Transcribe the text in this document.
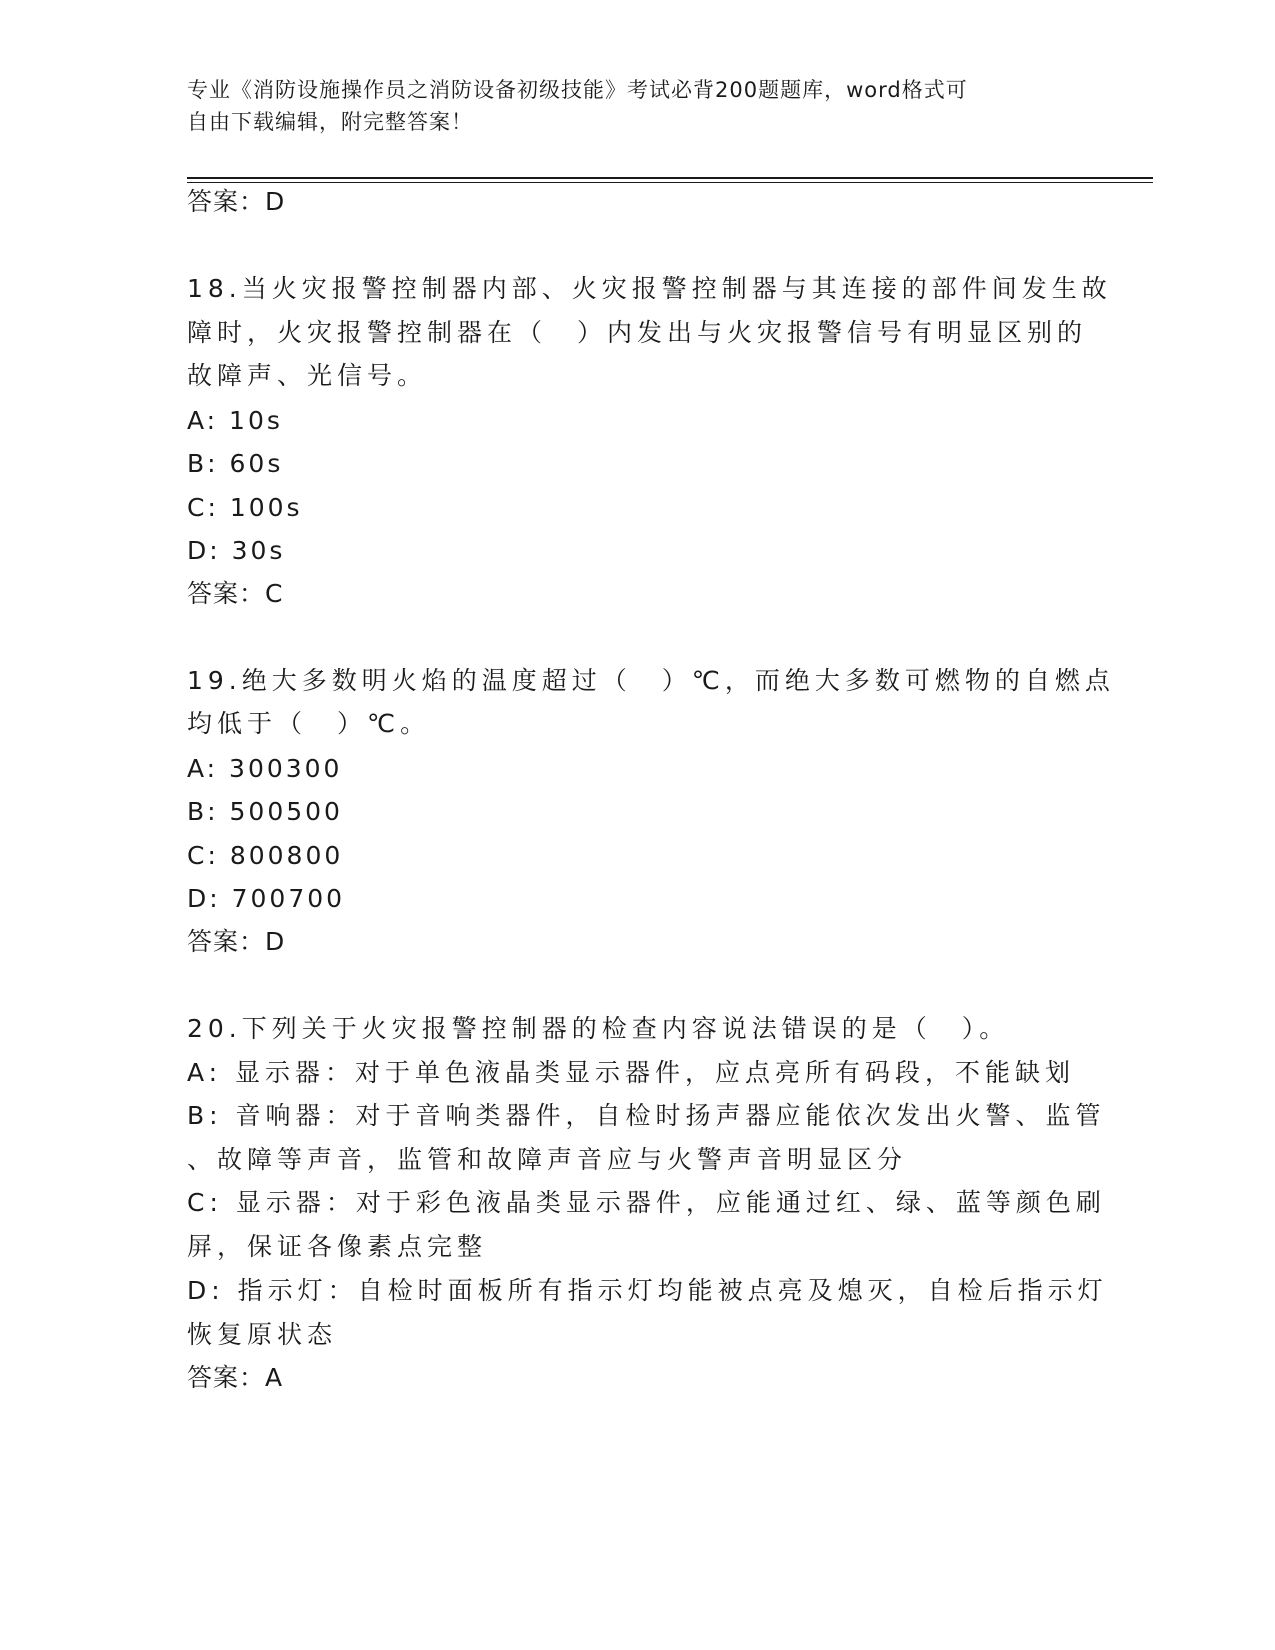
专业《消防设施操作员之消防设备初级技能》考试必背200题题库，word格式可
自由下载编辑，附完整答案！
答案：D
18.当火灾报警控制器内部、火灾报警控制器与其连接的部件间发生故
障时，火灾报警控制器在（　）内发出与火灾报警信号有明显区别的
故障声、光信号。
A: 10s
B: 60s
C: 100s
D: 30s
答案：C
19.绝大多数明火焰的温度超过（　）℃，而绝大多数可燃物的自燃点
均低于（　）℃。
A: 300300
B: 500500
C: 800800
D: 700700
答案：D
20.下列关于火灾报警控制器的检查内容说法错误的是（　）。
A: 显示器：对于单色液晶类显示器件，应点亮所有码段，不能缺划
B: 音响器：对于音响类器件，自检时扬声器应能依次发出火警、监管
、故障等声音，监管和故障声音应与火警声音明显区分
C: 显示器：对于彩色液晶类显示器件，应能通过红、绿、蓝等颜色刷
屏，保证各像素点完整
D: 指示灯：自检时面板所有指示灯均能被点亮及熄灭，自检后指示灯
恢复原状态
答案：A
